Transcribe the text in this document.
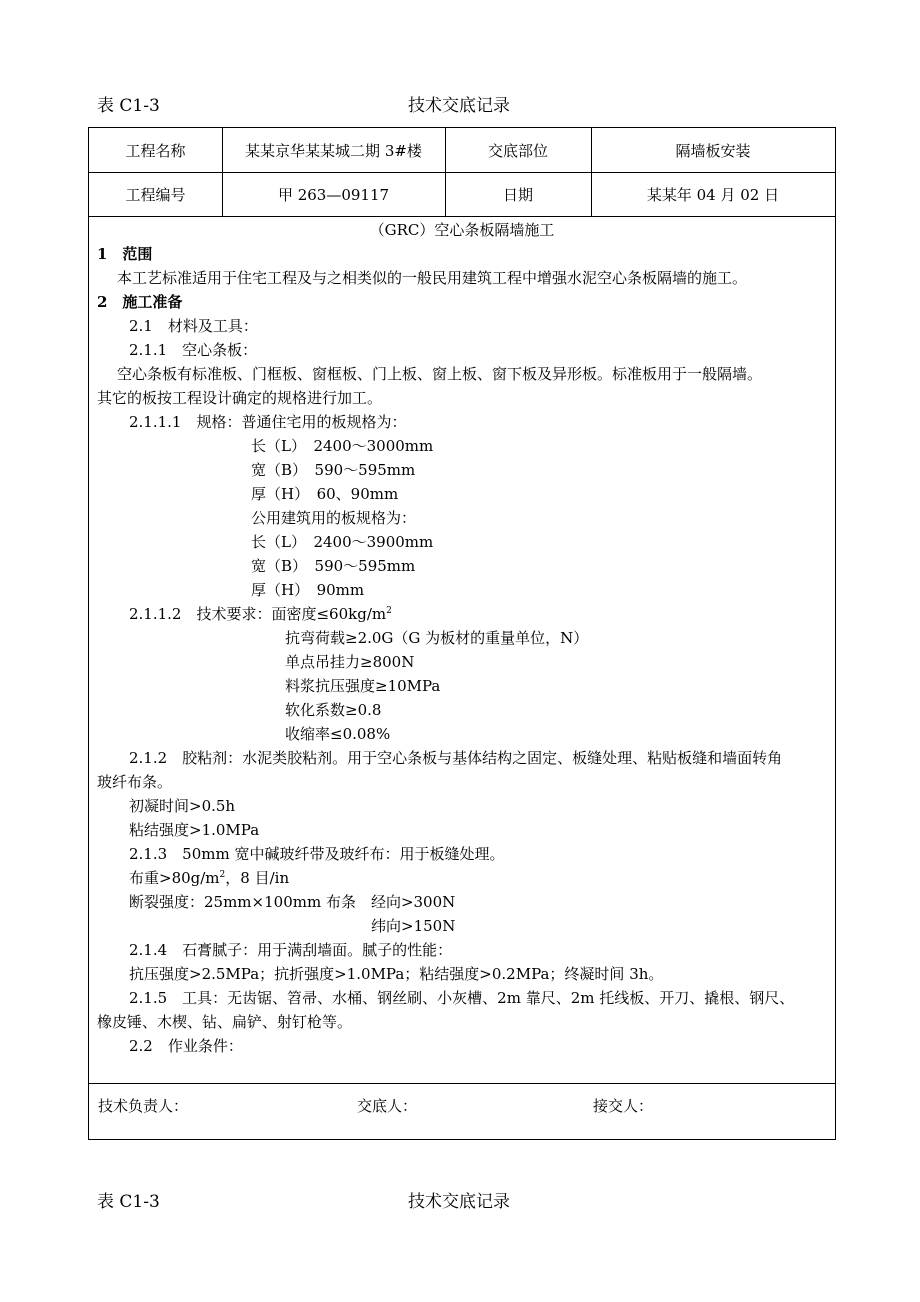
表 C1-3	技术交底记录
工程名称	某某京华某某城二期 3#楼	交底部位	隔墙板安装
工程编号	甲 263—09117	日期	某某年 04 月 02 日
（GRC）空心条板隔墙施工
1　范围
本工艺标准适用于住宅工程及与之相类似的一般民用建筑工程中增强水泥空心条板隔墙的施工。
2　施工准备
2.1　材料及工具：
2.1.1　空心条板：
空心条板有标准板、门框板、窗框板、门上板、窗上板、窗下板及异形板。标准板用于一般隔墙。
其它的板按工程设计确定的规格进行加工。
2.1.1.1　规格：普通住宅用的板规格为：
长（L）　2400～3000mm
宽（B）　590～595mm
厚（H）　60、90mm
公用建筑用的板规格为：
长（L）　2400～3900mm
宽（B）　590～595mm
厚（H）　90mm
2.1.1.2　技术要求：面密度$\le 60kg/m^2$
抗弯荷载≥2.0G（G 为板材的重量单位，N）
单点吊挂力≥800N
料浆抗压强度≥10MPa
软化系数≥0.8
收缩率≤0.08%
2.1.2　胶粘剂：水泥类胶粘剂。用于空心条板与基体结构之固定、板缝处理、粘贴板缝和墙面转角
玻纤布条。
初凝时间>0.5h
粘结强度>1.0MPa
2.1.3　50mm 宽中碱玻纤带及玻纤布：用于板缝处理。
布重$>80g/m^2$，8 目/in
断裂强度：25mm×100mm 布条　经向>300N
纬向>150N
2.1.4　石膏腻子：用于满刮墙面。腻子的性能：
抗压强度>2.5MPa；抗折强度>1.0MPa；粘结强度>0.2MPa；终凝时间 3h。
2.1.5　工具：无齿锯、笤帚、水桶、钢丝刷、小灰槽、2m 靠尺、2m 托线板、开刀、撬根、钢尺、
橡皮锤、木楔、钻、扁铲、射钉枪等。
2.2　作业条件：
技术负责人：	交底人：	接交人：
表 C1-3	技术交底记录
